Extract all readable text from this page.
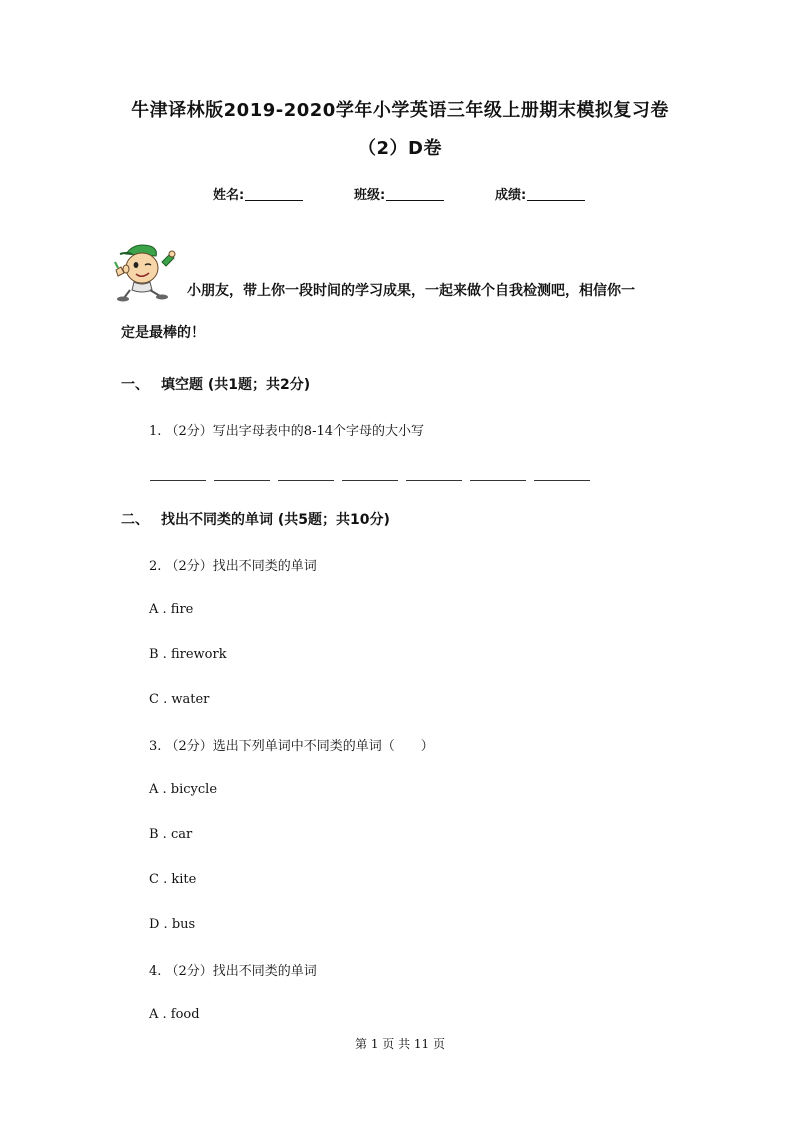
牛津译林版2019-2020学年小学英语三年级上册期末模拟复习卷
（2）D卷
姓名:	班级:	成绩:
小朋友，带上你一段时间的学习成果，一起来做个自我检测吧，相信你一
定是最棒的！
一、 填空题 (共1题；共2分)
1. （2分）写出字母表中的8-14个字母的大小写
二、 找出不同类的单词 (共5题；共10分)
2. （2分）找出不同类的单词
A . fire
B . firework
C . water
3. （2分）选出下列单词中不同类的单词（　　）
A . bicycle
B . car
C . kite
D . bus
4. （2分）找出不同类的单词
A . food
第 1 页 共 11 页
